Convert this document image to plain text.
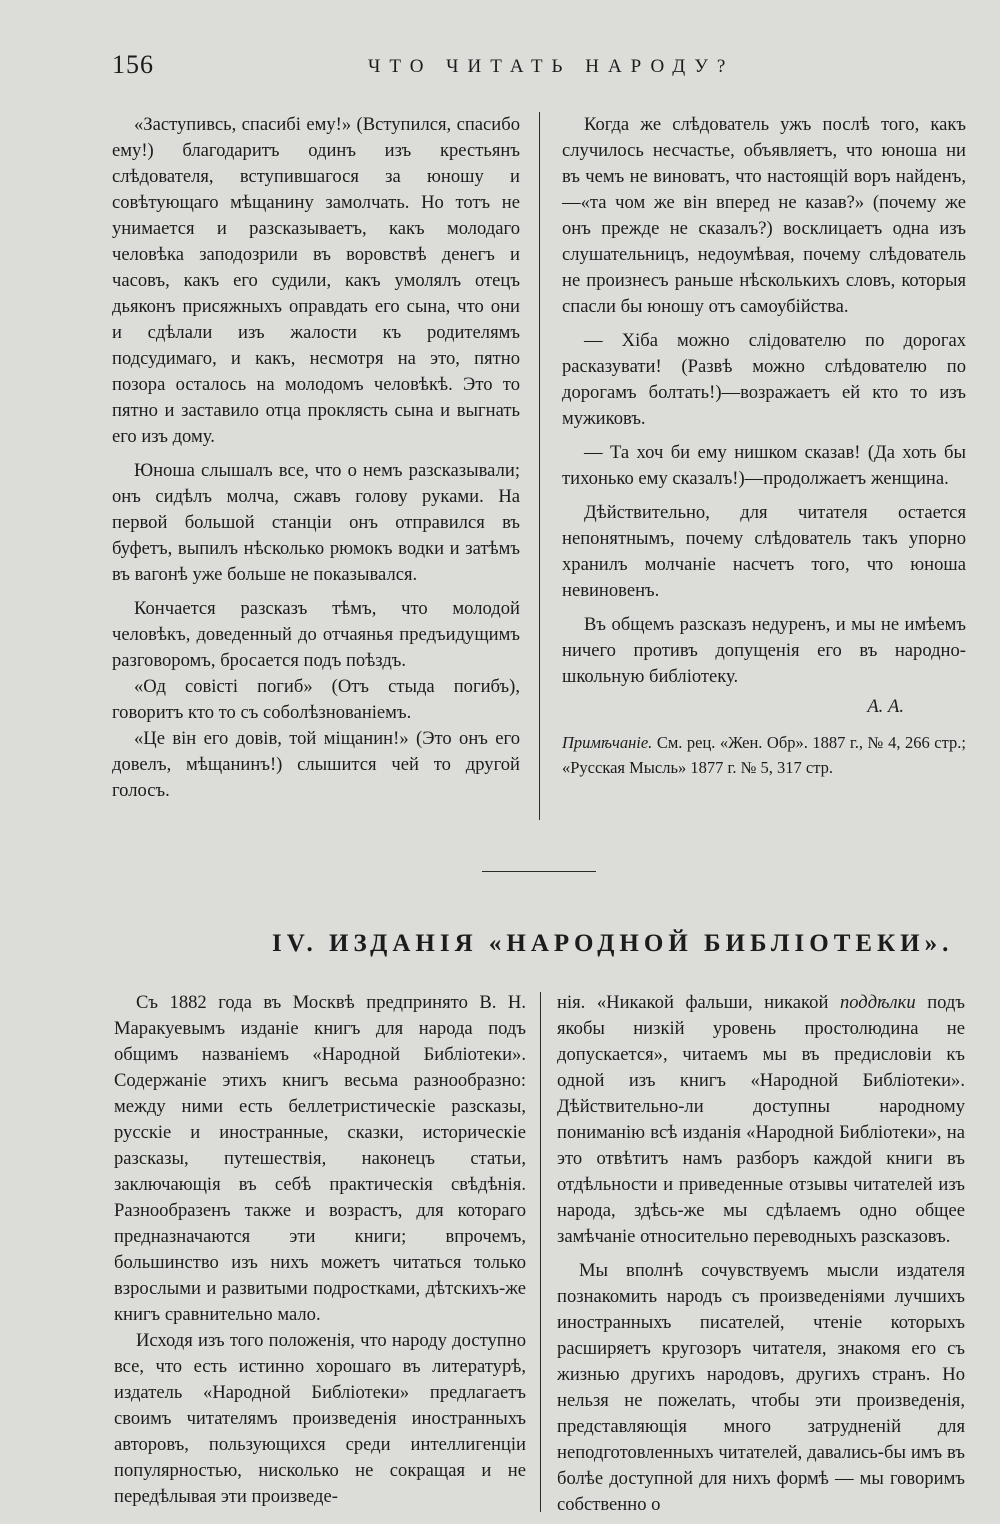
156	ЧТО ЧИТАТЬ НАРОДУ?

«Заступивсь, спасибі ему!» (Вступился, спасибо ему!) благодаритъ одинъ изъ крестьянъ слѣдователя, вступившагося за юношу и совѣтующаго мѣщанину замолчать. Но тотъ не унимается и разсказываетъ, какъ молодаго человѣка заподозрили въ воровствѣ денегъ и часовъ, какъ его судили, какъ умолялъ отецъ дьяконъ присяжныхъ оправдать его сына, что они и сдѣлали изъ жалости къ родителямъ подсудимаго, и какъ, несмотря на это, пятно позора осталось на молодомъ человѣкѣ. Это то пятно и заставило отца проклясть сына и выгнать его изъ дому.

Юноша слышалъ все, что о немъ разсказывали; онъ сидѣлъ молча, сжавъ голову руками. На первой большой станціи онъ отправился въ буфетъ, выпилъ нѣсколько рюмокъ водки и затѣмъ въ вагонѣ уже больше не показывался.

Кончается разсказъ тѣмъ, что молодой человѣкъ, доведенный до отчаянья предъидущимъ разговоромъ, бросается подъ поѣздъ.

«Од совісті погиб» (Отъ стыда погибъ), говоритъ кто то съ соболѣзнованіемъ.

«Це він его довів, той міщанин!» (Это онъ его довелъ, мѣщанинъ!) слышится чей то другой голосъ.

Когда же слѣдователь ужъ послѣ того, какъ случилось несчастье, объявляетъ, что юноша ни въ чемъ не виноватъ, что настоящій воръ найденъ,—«та чом же він вперед не казав?» (почему же онъ прежде не сказалъ?) восклицаетъ одна изъ слушательницъ, недоумѣвая, почему слѣдователь не произнесъ раньше нѣсколькихъ словъ, которыя спасли бы юношу отъ самоубійства.

— Хіба можно слідователю по дорогах расказувати! (Развѣ можно слѣдователю по дорогамъ болтать!)—возражаетъ ей кто то изъ мужиковъ.

— Та хоч би ему нишком сказав! (Да хоть бы тихонько ему сказалъ!)—продолжаетъ женщина.

Дѣйствительно, для читателя остается непонятнымъ, почему слѣдователь такъ упорно хранилъ молчаніе насчетъ того, что юноша невиновенъ.

Въ общемъ разсказъ недуренъ, и мы не имѣемъ ничего противъ допущенія его въ народно-школьную библіотеку.

А. А.

Примѣчаніе. См. рец. «Жен. Обр». 1887 г., № 4, 266 стр.; «Русская Мысль» 1877 г. № 5, 317 стр.

IV. ИЗДАНІЯ «НАРОДНОЙ БИБЛІОТЕКИ».

Съ 1882 года въ Москвѣ предпринято В. Н. Маракуевымъ изданіе книгъ для народа подъ общимъ названіемъ «Народной Библіотеки». Содержаніе этихъ книгъ весьма разнообразно: между ними есть беллетристическіе разсказы, русскіе и иностранные, сказки, историческіе разсказы, путешествія, наконецъ статьи, заключающія въ себѣ практическія свѣдѣнія. Разнообразенъ также и возрастъ, для котораго предназначаются эти книги; впрочемъ, большинство изъ нихъ можетъ читаться только взрослыми и развитыми подростками, дѣтскихъ-же книгъ сравнительно мало.

Исходя изъ того положенія, что народу доступно все, что есть истинно хорошаго въ литературѣ, издатель «Народной Библіотеки» предлагаетъ своимъ читателямъ произведенія иностранныхъ авторовъ, пользующихся среди интеллигенціи популярностью, нисколько не сокращая и не передѣлывая эти произведе-

нія. «Никакой фальши, никакой поддѣлки подъ якобы низкій уровень простолюдина не допускается», читаемъ мы въ предисловіи къ одной изъ книгъ «Народной Библіотеки». Дѣйствительно-ли доступны народному пониманію всѣ изданія «Народной Библіотеки», на это отвѣтитъ намъ разборъ каждой книги въ отдѣльности и приведенные отзывы читателей изъ народа, здѣсь-же мы сдѣлаемъ одно общее замѣчаніе относительно переводныхъ разсказовъ.

Мы вполнѣ сочувствуемъ мысли издателя познакомить народъ съ произведеніями лучшихъ иностранныхъ писателей, чтеніе которыхъ расширяетъ кругозоръ читателя, знакомя его съ жизнью другихъ народовъ, другихъ странъ. Но нельзя не пожелать, чтобы эти произведенія, представляющія много затрудненій для неподготовленныхъ читателей, давались-бы имъ въ болѣе доступной для нихъ формѣ — мы говоримъ собственно о
